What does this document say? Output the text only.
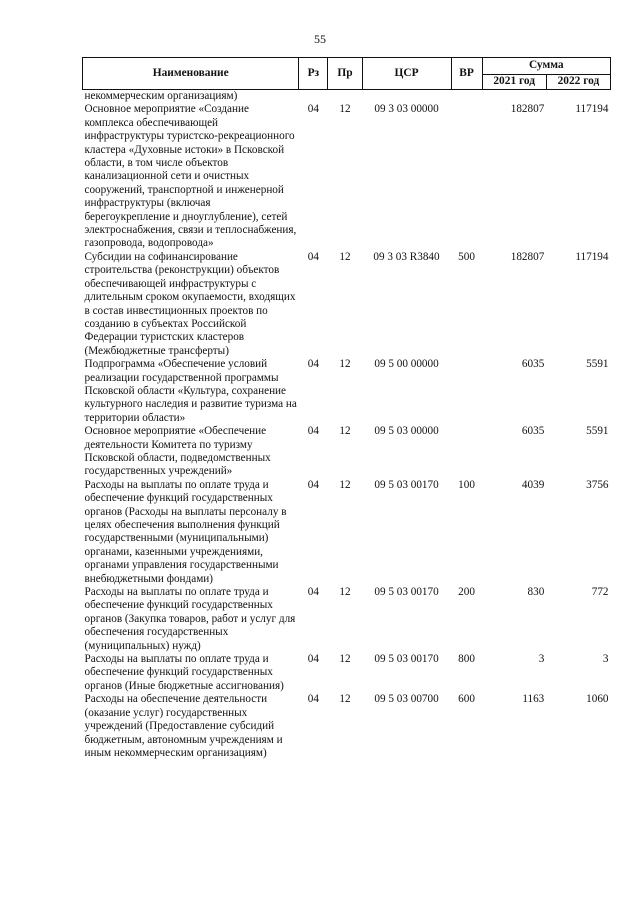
55
Наименование	Рз	Пр	ЦСР	ВР	Сумма	
					2021 год	2022 год
некоммерческим организациям)						
Основное мероприятие «Создание комплекса обеспечивающей инфраструктуры туристско-рекреационного кластера «Духовные истоки» в Псковской области, в том числе объектов канализационной сети и очистных сооружений, транспортной и инженерной инфраструктуры (включая берегоукрепление и дноуглубление), сетей электроснабжения, связи и теплоснабжения, газопровода, водопровода»	04	12	09 3 03 00000		182807	117194
Субсидии на софинансирование строительства (реконструкции) объектов обеспечивающей инфраструктуры с длительным сроком окупаемости, входящих в состав инвестиционных проектов по созданию в субъектах Российской Федерации туристских кластеров (Межбюджетные трансферты)	04	12	09 3 03 R3840	500	182807	117194
Подпрограмма «Обеспечение условий реализации государственной программы Псковской области «Культура, сохранение культурного наследия и развитие туризма на территории области»	04	12	09 5 00 00000		6035	5591
Основное мероприятие «Обеспечение деятельности Комитета по туризму Псковской области, подведомственных государственных учреждений»	04	12	09 5 03 00000		6035	5591
Расходы на выплаты по оплате труда и обеспечение функций государственных органов (Расходы на выплаты персоналу в целях обеспечения выполнения функций государственными (муниципальными) органами, казенными учреждениями, органами управления государственными внебюджетными фондами)	04	12	09 5 03 00170	100	4039	3756
Расходы на выплаты по оплате труда и обеспечение функций государственных органов (Закупка товаров, работ и услуг для обеспечения государственных (муниципальных) нужд)	04	12	09 5 03 00170	200	830	772
Расходы на выплаты по оплате труда и обеспечение функций государственных органов (Иные бюджетные ассигнования)	04	12	09 5 03 00170	800	3	3
Расходы на обеспечение деятельности (оказание услуг) государственных учреждений (Предоставление субсидий бюджетным, автономным учреждениям и иным некоммерческим организациям)	04	12	09 5 03 00700	600	1163	1060
